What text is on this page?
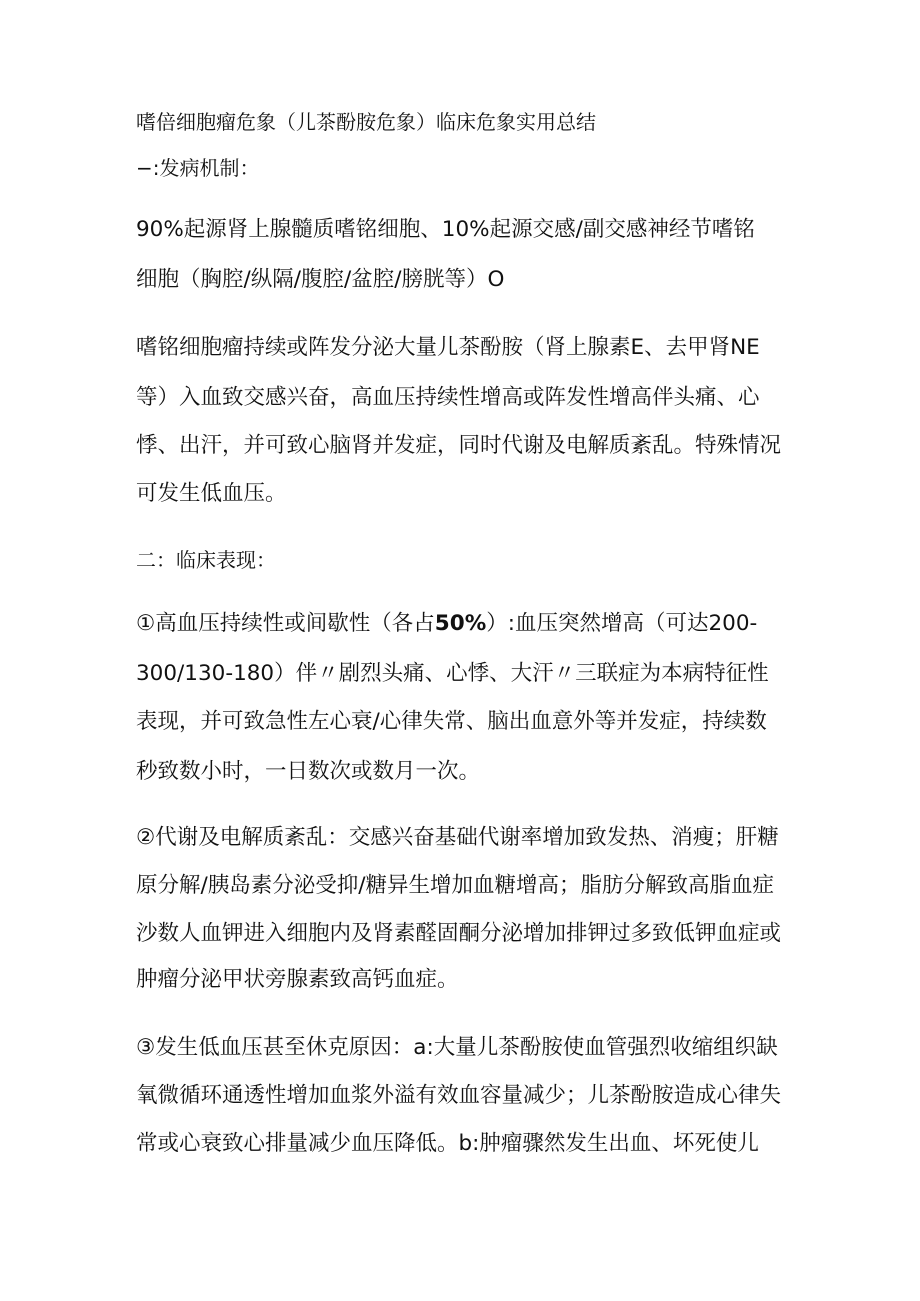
嗜倍细胞瘤危象（儿茶酚胺危象）临床危象实用总结
−:发病机制：
90%起源肾上腺髓质嗜铭细胞、10%起源交感/副交感神经节嗜铭
细胞（胸腔/纵隔/腹腔/盆腔/膀胱等）O
嗜铭细胞瘤持续或阵发分泌大量儿茶酚胺（肾上腺素E、去甲肾NE
等）入血致交感兴奋，高血压持续性增高或阵发性增高伴头痛、心
悸、出汗，并可致心脑肾并发症，同时代谢及电解质紊乱。特殊情况
可发生低血压。
二：临床表现：
①高血压持续性或间歇性（各占50%）:血压突然增高（可达200-
300/130-180）伴〃剧烈头痛、心悸、大汗〃三联症为本病特征性
表现，并可致急性左心衰/心律失常、脑出血意外等并发症，持续数
秒致数小时，一日数次或数月一次。
②代谢及电解质紊乱：交感兴奋基础代谢率增加致发热、消瘦；肝糖
原分解/胰岛素分泌受抑/糖异生增加血糖增高；脂肪分解致高脂血症
沙数人血钾进入细胞内及肾素醛固酮分泌增加排钾过多致低钾血症或
肿瘤分泌甲状旁腺素致高钙血症。
③发生低血压甚至休克原因：a:大量儿茶酚胺使血管强烈收缩组织缺
氧微循环通透性增加血浆外溢有效血容量减少；儿茶酚胺造成心律失
常或心衰致心排量减少血压降低。b:肿瘤骤然发生出血、坏死使儿
